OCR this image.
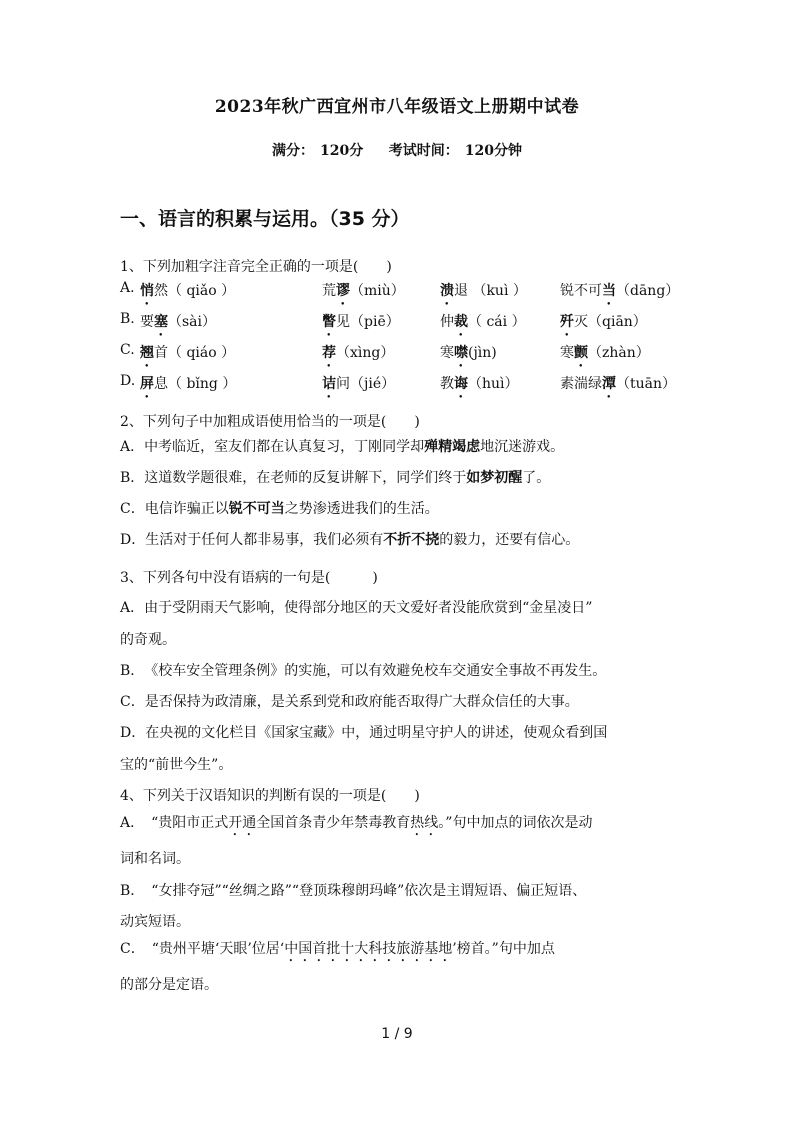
2023年秋广西宜州市八年级语文上册期中试卷
满分： 120分 考试时间： 120分钟
一、语言的积累与运用。（35 分）
1、下列加粗字注音完全正确的一项是(　　)
A. 悄然（ qiǎo ）	荒谬（miù）	溃退 （kuì ） 锐不可当（dāng）
B. 要塞（sài）	瞥见（piē）	仲裁（ cái ） 歼灭（qiān）
C. 翘首（ qiáo ）	荐（xìng）	寒噤(jìn)	寒颤（zhàn）
D. 屏息（ bǐng ）	诘问（jié）	教诲（huì）	素湍绿潭（tuān）
2、下列句子中加粗成语使用恰当的一项是(　　)
A．中考临近，室友们都在认真复习，丁刚同学却殚精竭虑地沉迷游戏。
B．这道数学题很难，在老师的反复讲解下，同学们终于如梦初醒了。
C．电信诈骗正以锐不可当之势渗透进我们的生活。
D．生活对于任何人都非易事，我们必须有不折不挠的毅力，还要有信心。
3、下列各句中没有语病的一句是(　　　)
A．由于受阴雨天气影响，使得部分地区的天文爱好者没能欣赏到“金星凌日”
的奇观。
B．　《校车安全管理条例》的实施，可以有效避免校车交通安全事故不再发生。
C．是否保持为政清廉，是关系到党和政府能否取得广大群众信任的大事。
D．在央视的文化栏目《国家宝藏》中，通过明星守护人的讲述，使观众看到国
宝的“前世今生”。
4、下列关于汉语知识的判断有误的一项是(　　)
A．　“贵阳市正式开通全国首条青少年禁毒教育热线。”句中加点的词依次是动
词和名词。
B．　“女排夺冠”“丝绸之路”“登顶珠穆朗玛峰”依次是主谓短语、偏正短语、
动宾短语。
C．　“贵州平塘‘天眼’位居‘中国首批十大科技旅游基地’榜首。”句中加点
的部分是定语。
1 / 9
